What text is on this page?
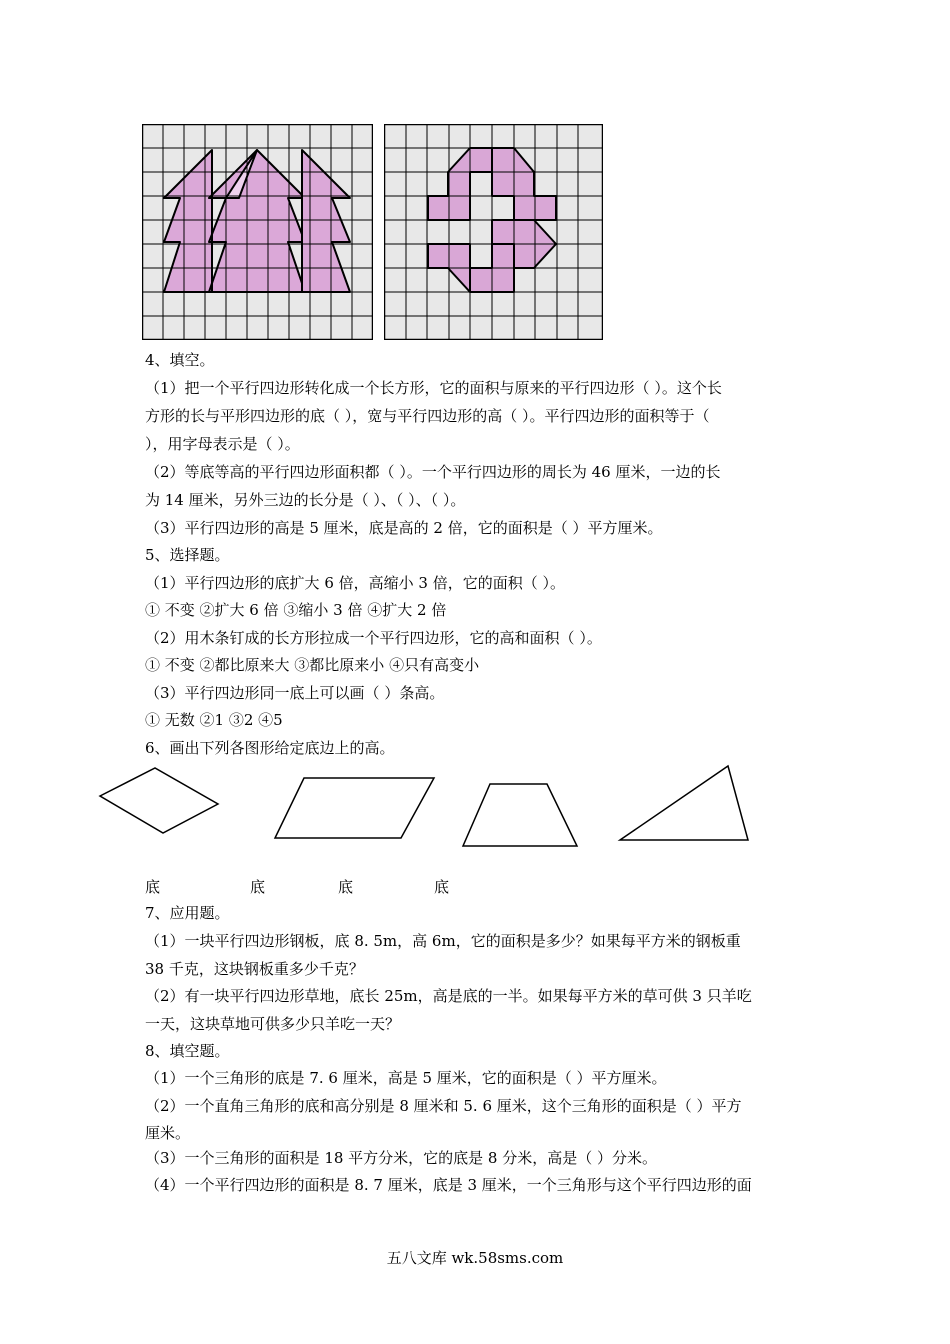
4、填空。
（1）把一个平行四边形转化成一个长方形，它的面积与原来的平行四边形（ ）。这个长
方形的长与平形四边形的底（ ），宽与平行四边形的高（ ）。平行四边形的面积等于（
），用字母表示是（ ）。
（2）等底等高的平行四边形面积都（ ）。一个平行四边形的周长为 46 厘米，一边的长
为 14 厘米，另外三边的长分是（ ）、（ ）、（ ）。
（3）平行四边形的高是 5 厘米，底是高的 2 倍，它的面积是（ ）平方厘米。
5、选择题。
（1）平行四边形的底扩大 6 倍，高缩小 3 倍，它的面积（ ）。
① 不变 ②扩大 6 倍 ③缩小 3 倍 ④扩大 2 倍
（2）用木条钉成的长方形拉成一个平行四边形，它的高和面积（ ）。
① 不变 ②都比原来大 ③都比原来小 ④只有高变小
（3）平行四边形同一底上可以画（ ）条高。
① 无数 ②1 ③2 ④5
6、画出下列各图形给定底边上的高。
底	底	底	底
7、应用题。
（1）一块平行四边形钢板，底 8. 5m，高 6m，它的面积是多少？如果每平方米的钢板重
38 千克，这块钢板重多少千克？
（2）有一块平行四边形草地，底长 25m，高是底的一半。如果每平方米的草可供 3 只羊吃
一天，这块草地可供多少只羊吃一天？
8、填空题。
（1）一个三角形的底是 7. 6 厘米，高是 5 厘米，它的面积是（ ）平方厘米。
（2）一个直角三角形的底和高分别是 8 厘米和 5. 6 厘米，这个三角形的面积是（ ）平方
厘米。
（3）一个三角形的面积是 18 平方分米，它的底是 8 分米，高是（ ）分米。
（4）一个平行四边形的面积是 8. 7 厘米，底是 3 厘米，一个三角形与这个平行四边形的面
五八文库 wk.58sms.com
